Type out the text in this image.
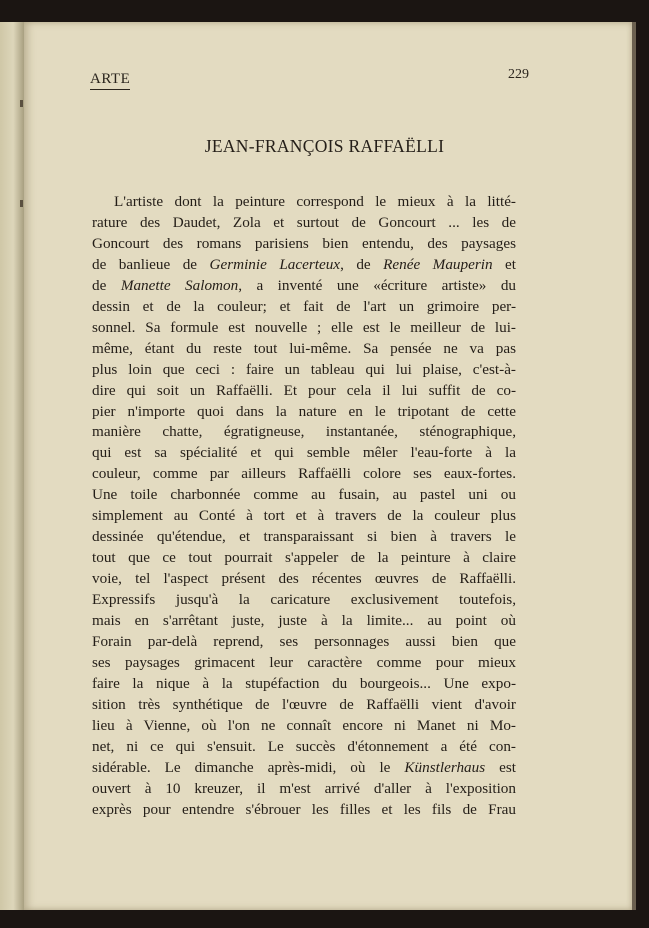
ARTE	229
JEAN-FRANÇOIS RAFFAËLLI

L'artiste dont la peinture correspond le mieux à la litté-
rature des Daudet, Zola et surtout de Goncourt ... les de
Goncourt des romans parisiens bien entendu, des paysages
de banlieue de Germinie Lacerteux, de Renée Mauperin et
de Manette Salomon, a inventé une «écriture artiste» du
dessin et de la couleur; et fait de l'art un grimoire per-
sonnel. Sa formule est nouvelle ; elle est le meilleur de lui-
même, étant du reste tout lui-même. Sa pensée ne va pas
plus loin que ceci : faire un tableau qui lui plaise, c'est-à-
dire qui soit un Raffaëlli. Et pour cela il lui suffit de co-
pier n'importe quoi dans la nature en le tripotant de cette
manière chatte, égratigneuse, instantanée, sténographique,
qui est sa spécialité et qui semble mêler l'eau-forte à la
couleur, comme par ailleurs Raffaëlli colore ses eaux-fortes.
Une toile charbonnée comme au fusain, au pastel uni ou
simplement au Conté à tort et à travers de la couleur plus
dessinée qu'étendue, et transparaissant si bien à travers le
tout que ce tout pourrait s'appeler de la peinture à claire
voie, tel l'aspect présent des récentes œuvres de Raffaëlli.
Expressifs jusqu'à la caricature exclusivement toutefois,
mais en s'arrêtant juste, juste à la limite... au point où
Forain par-delà reprend, ses personnages aussi bien que
ses paysages grimacent leur caractère comme pour mieux
faire la nique à la stupéfaction du bourgeois... Une expo-
sition très synthétique de l'œuvre de Raffaëlli vient d'avoir
lieu à Vienne, où l'on ne connaît encore ni Manet ni Mo-
net, ni ce qui s'ensuit. Le succès d'étonnement a été con-
sidérable. Le dimanche après-midi, où le Künstlerhaus est
ouvert à 10 kreuzer, il m'est arrivé d'aller à l'exposition
exprès pour entendre s'ébrouer les filles et les fils de Frau
